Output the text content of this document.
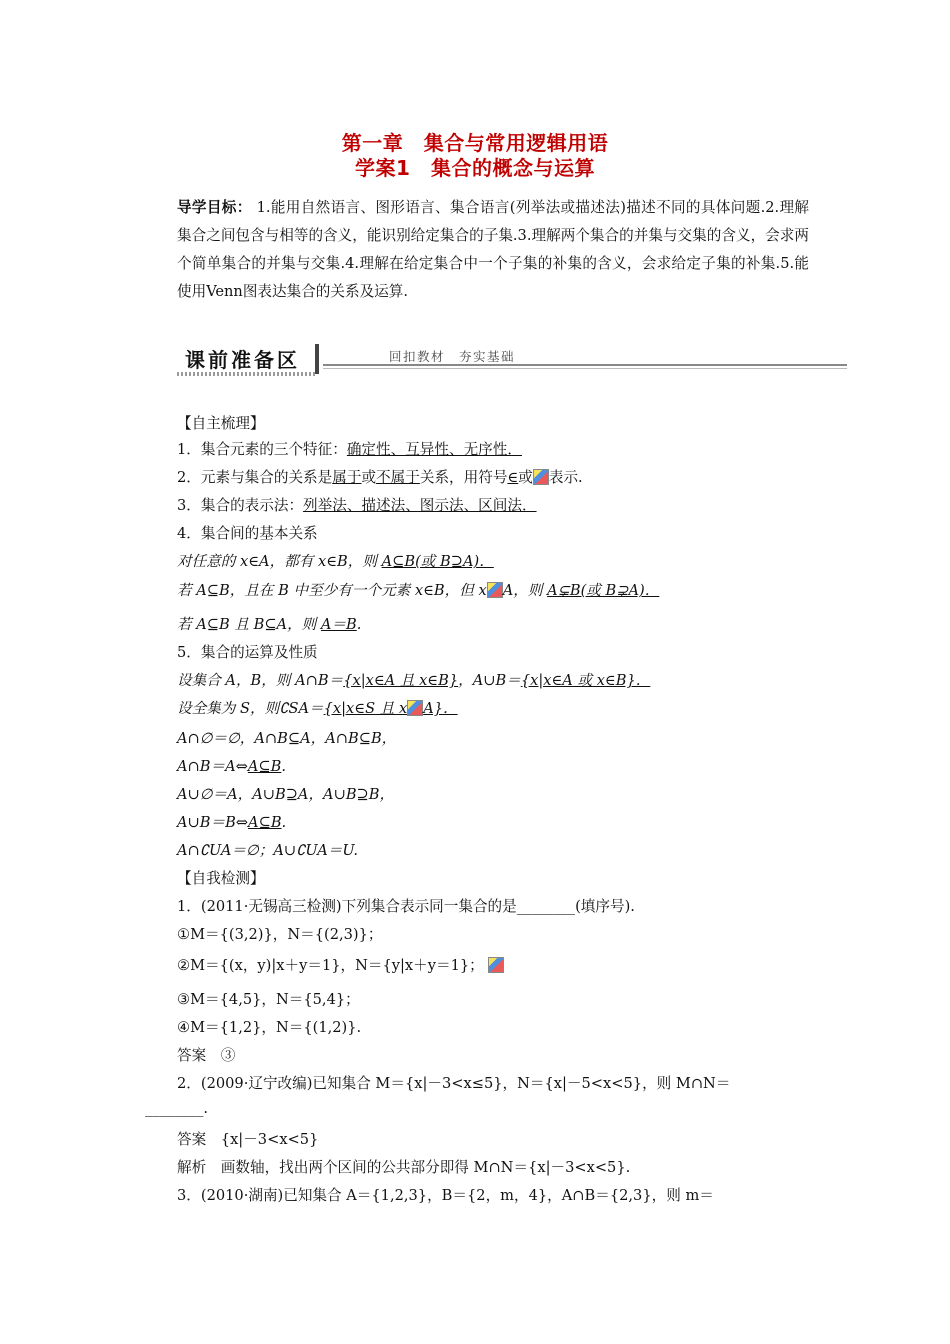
第一章　集合与常用逻辑用语
学案1　集合的概念与运算
导学目标： 1.能用自然语言、图形语言、集合语言(列举法或描述法)描述不同的具体问题.2.理解集合之间包含与相等的含义，能识别给定集合的子集.3.理解两个集合的并集与交集的含义，会求两个简单集合的并集与交集.4.理解在给定集合中一个子集的补集的含义，会求给定子集的补集.5.能使用Venn图表达集合的关系及运算.
课前准备区	回扣教材　夯实基础
【自主梳理】
1．集合元素的三个特征：确定性、互异性、无序性．
2．元素与集合的关系是属于或不属于关系，用符号∈或 表示.
3．集合的表示法：列举法、描述法、图示法、区间法．
4．集合间的基本关系
对任意的 x∈A，都有 x∈B，则 A⊆B(或 B⊇A)．
若 A⊆B，且在 B 中至少有一个元素 x∈B，但 x A，则 A⊊B(或 B⊋A)．
若 A⊆B 且 B⊆A，则 A＝B.
5．集合的运算及性质
设集合 A，B，则 A∩B＝{x|x∈A 且 x∈B}，A∪B＝{x|x∈A 或 x∈B}．
设全集为 S，则∁SA＝{x|x∈S 且 x A}．
A∩∅＝∅，A∩B⊆A，A∩B⊆B，
A∩B＝A⇔A⊆B.
A∪∅＝A，A∪B⊇A，A∪B⊇B，
A∪B＝B⇔A⊆B.
A∩∁UA＝∅；A∪∁UA＝U.
【自我检测】
1．(2011·无锡高三检测)下列集合表示同一集合的是________(填序号).
①M＝{(3,2)}，N＝{(2,3)}；
②M＝{(x，y)|x＋y＝1}，N＝{y|x＋y＝1}；
③M＝{4,5}，N＝{5,4}；
④M＝{1,2}，N＝{(1,2)}.
答案　③
2．(2009·辽宁改编)已知集合 M＝{x|－3<x≤5}，N＝{x|－5<x<5}，则 M∩N＝
________.
答案　{x|－3<x<5}
解析　画数轴，找出两个区间的公共部分即得 M∩N＝{x|－3<x<5}.
3．(2010·湖南)已知集合 A＝{1,2,3}，B＝{2，m，4}，A∩B＝{2,3}，则 m＝
